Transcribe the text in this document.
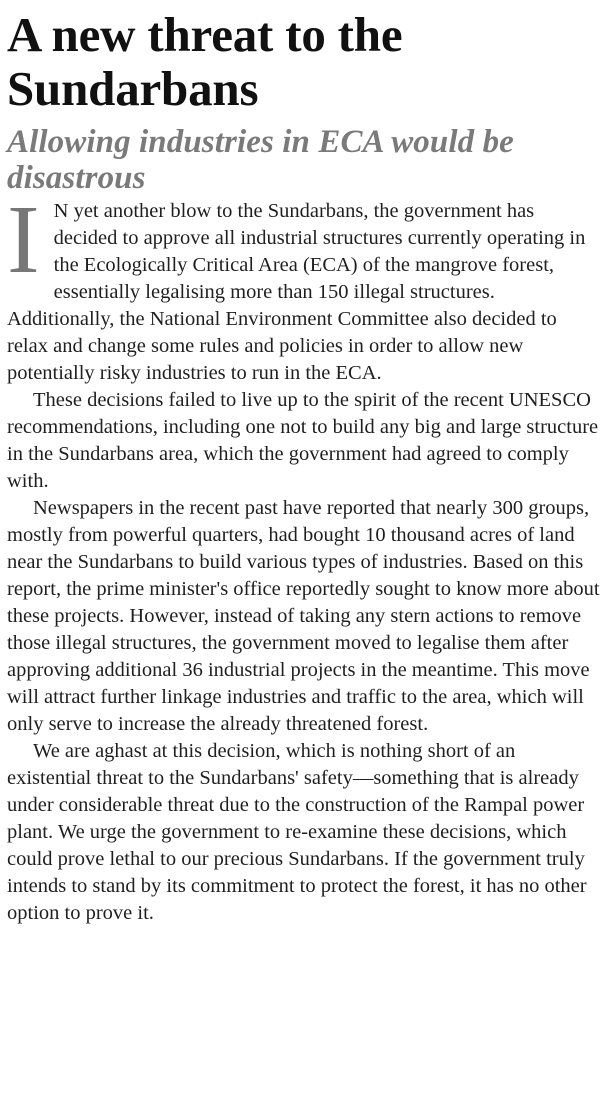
A new threat to the Sundarbans
Allowing industries in ECA would be disastrous

I N yet another blow to the Sundarbans, the government has decided to approve all industrial structures currently operating in the Ecologically Critical Area (ECA) of the mangrove forest, essentially legalising more than 150 illegal structures. Additionally, the National Environment Committee also decided to relax and change some rules and policies in order to allow new potentially risky industries to run in the ECA.

These decisions failed to live up to the spirit of the recent UNESCO recommendations, including one not to build any big and large structure in the Sundarbans area, which the government had agreed to comply with.

Newspapers in the recent past have reported that nearly 300 groups, mostly from powerful quarters, had bought 10 thousand acres of land near the Sundarbans to build various types of industries. Based on this report, the prime minister's office reportedly sought to know more about these projects. However, instead of taking any stern actions to remove those illegal structures, the government moved to legalise them after approving additional 36 industrial projects in the meantime. This move will attract further linkage industries and traffic to the area, which will only serve to increase the already threatened forest.

We are aghast at this decision, which is nothing short of an existential threat to the Sundarbans' safety—something that is already under considerable threat due to the construction of the Rampal power plant. We urge the government to re-examine these decisions, which could prove lethal to our precious Sundarbans. If the government truly intends to stand by its commitment to protect the forest, it has no other option to prove it.
